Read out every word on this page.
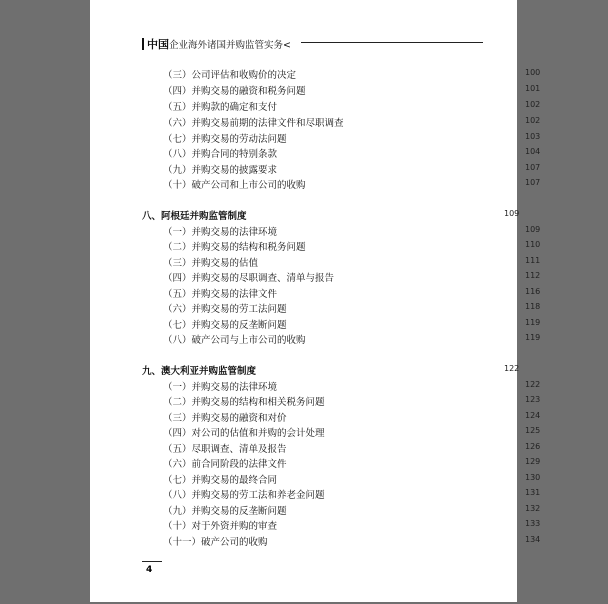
中国企业海外诸国并购监管实务<
（三）公司评估和收购价的决定	100
（四）并购交易的融资和税务问题	101
（五）并购款的确定和支付	102
（六）并购交易前期的法律文件和尽职调查	102
（七）并购交易的劳动法问题	103
（八）并购合同的特别条款	104
（九）并购交易的披露要求	107
（十）破产公司和上市公司的收购	107
八、阿根廷并购监管制度	109
（一）并购交易的法律环境	109
（二）并购交易的结构和税务问题	110
（三）并购交易的估值	111
（四）并购交易的尽职调查、清单与报告	112
（五）并购交易的法律文件	116
（六）并购交易的劳工法问题	118
（七）并购交易的反垄断问题	119
（八）破产公司与上市公司的收购	119
九、澳大利亚并购监管制度	122
（一）并购交易的法律环境	122
（二）并购交易的结构和相关税务问题	123
（三）并购交易的融资和对价	124
（四）对公司的估值和并购的会计处理	125
（五）尽职调查、清单及报告	126
（六）前合同阶段的法律文件	129
（七）并购交易的最终合同	130
（八）并购交易的劳工法和养老金问题	131
（九）并购交易的反垄断问题	132
（十）对于外资并购的审查	133
（十一）破产公司的收购	134
4
